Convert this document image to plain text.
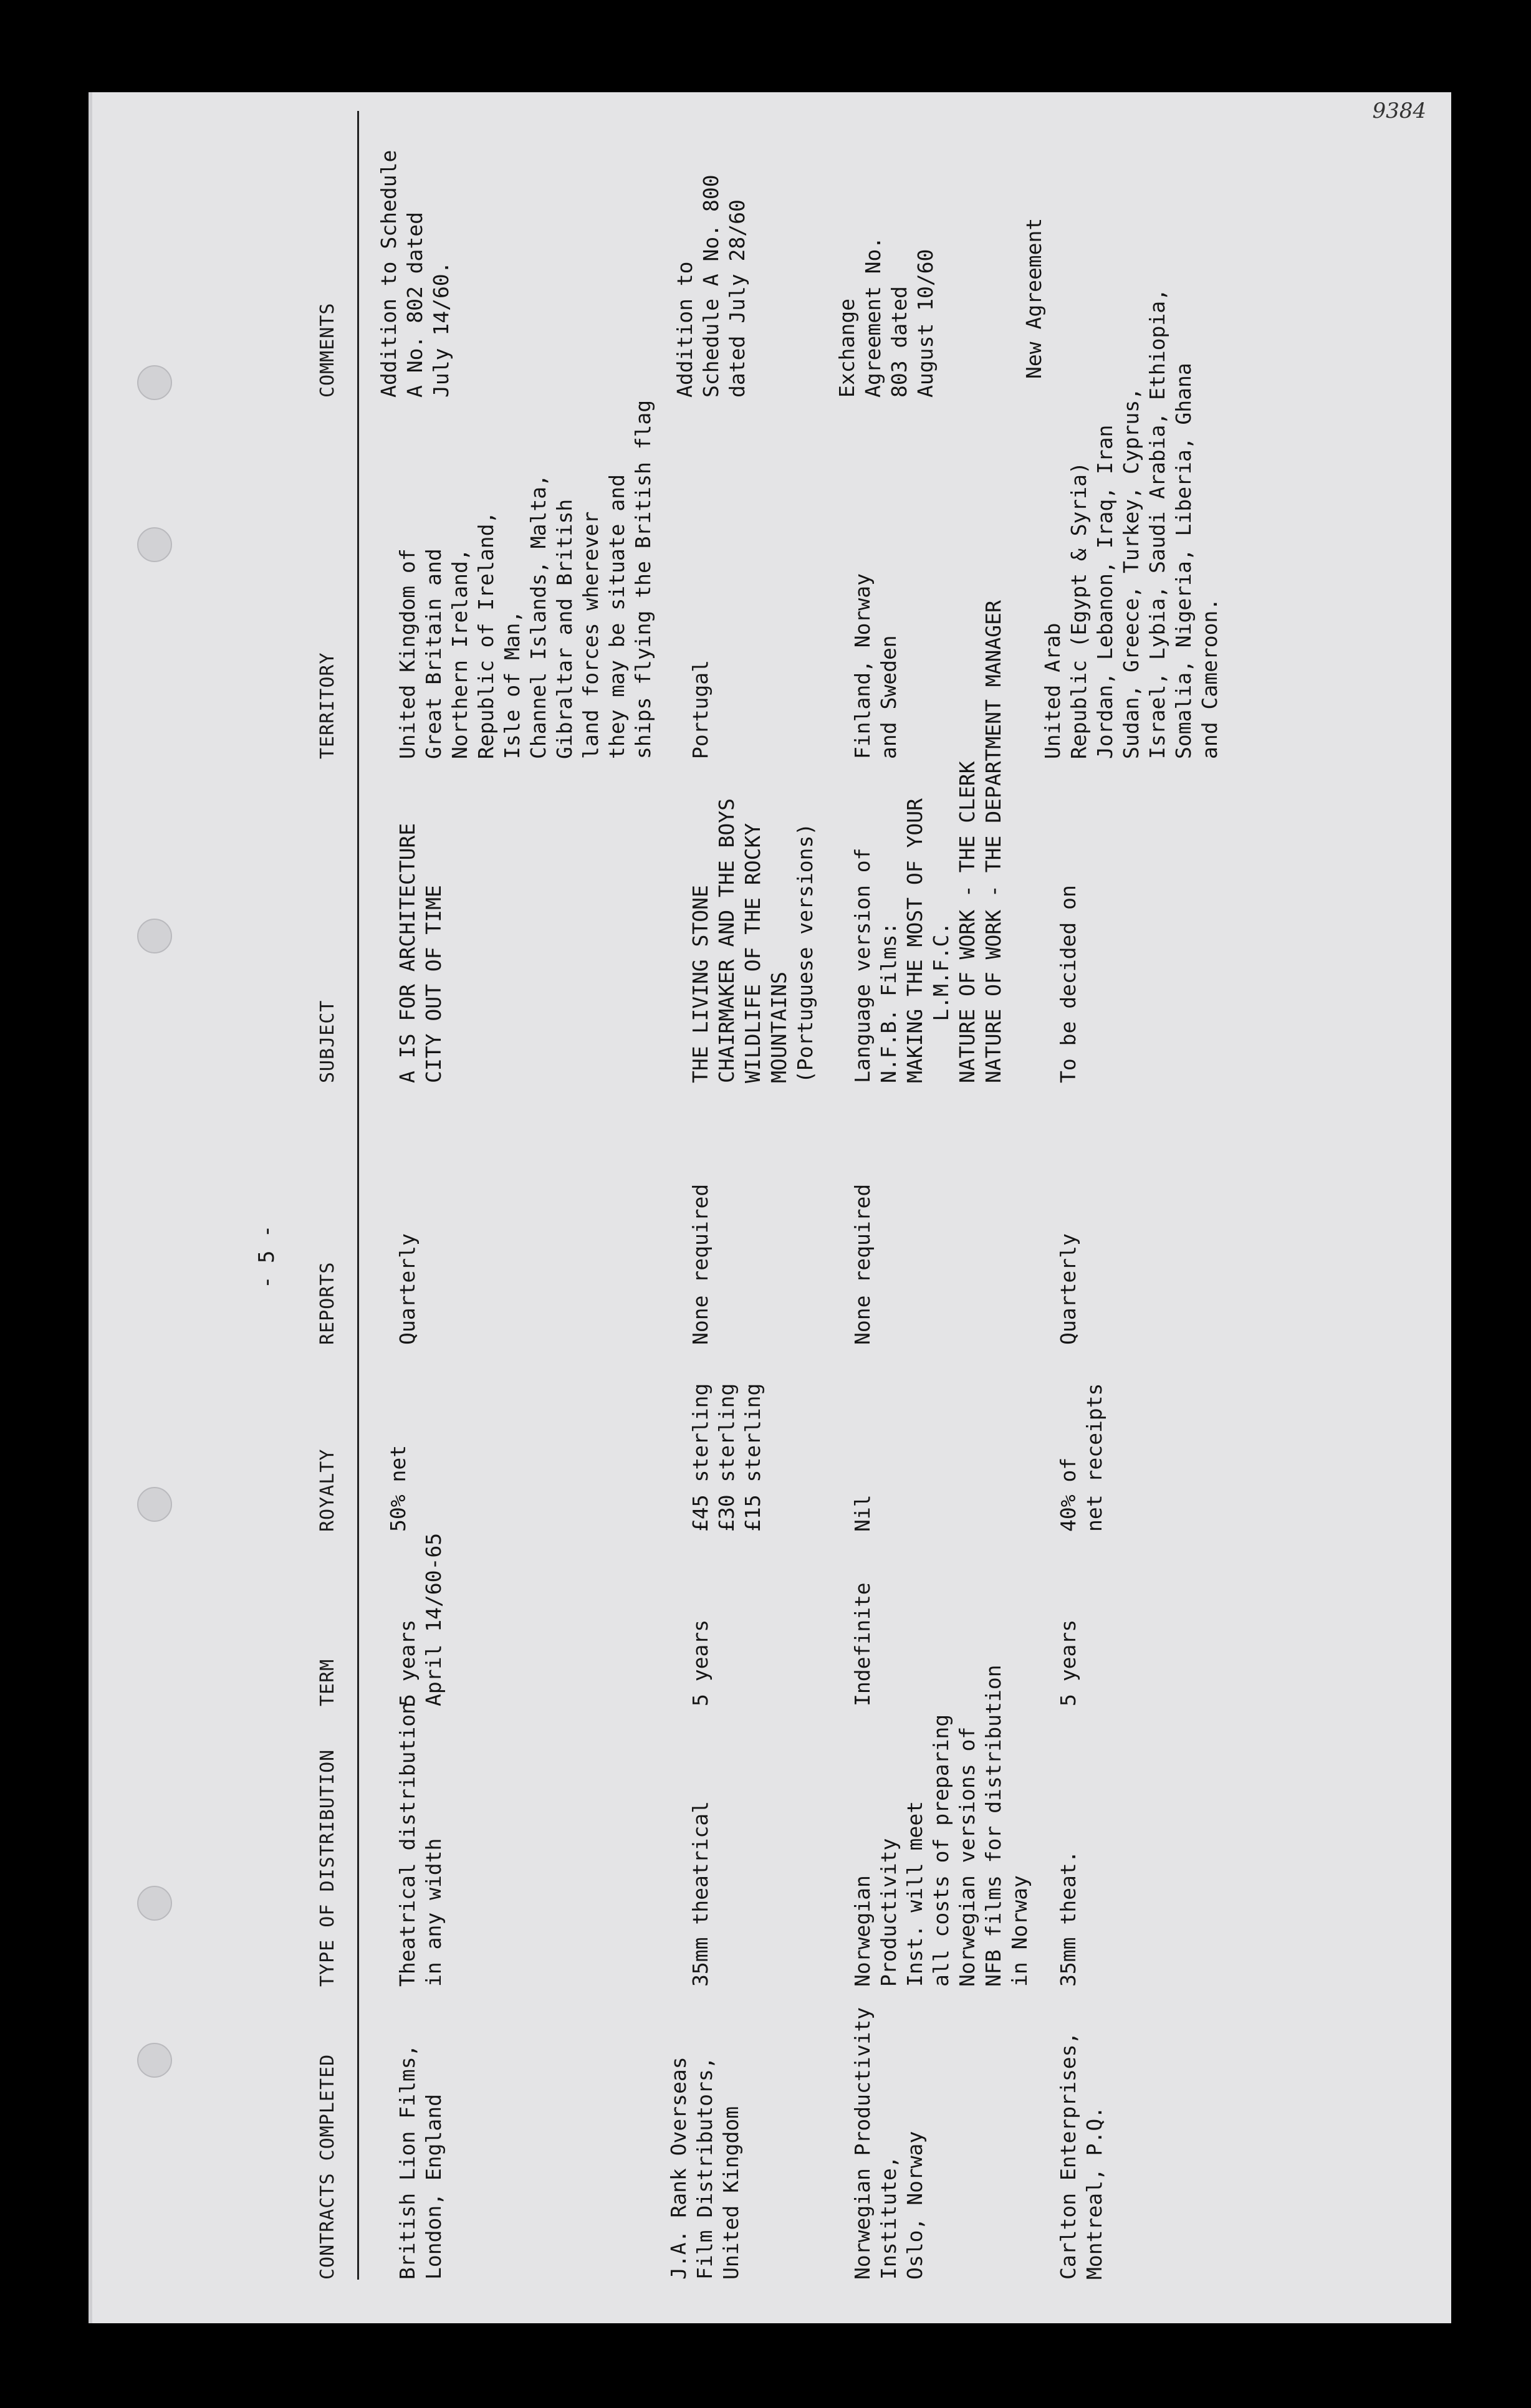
9384
- 5 -
CONTRACTS COMPLETED
TYPE OF DISTRIBUTION
TERM
ROYALTY
REPORTS
SUBJECT
TERRITORY
COMMENTS
British Lion Films,
London, England
Theatrical distribution
in any width
5 years
April 14/60-65
50% net
Quarterly
A IS FOR ARCHITECTURE
CITY OUT OF TIME
United Kingdom of
Great Britain and
Northern Ireland,
Republic of Ireland,
Isle of Man,
Channel Islands, Malta,
Gibraltar and British
land forces wherever
they may be situate and
ships flying the British flag
Addition to Schedule
A No. 802 dated
July 14/60.
J.A. Rank Overseas
Film Distributors,
United Kingdom
35mm theatrical
5 years
£45 sterling
£30 sterling
£15 sterling
None required
THE LIVING STONE
CHAIRMAKER AND THE BOYS
WILDLIFE OF THE ROCKY
MOUNTAINS
(Portuguese versions)
Portugal
Addition to
Schedule A No. 800
dated July 28/60
Norwegian Productivity
Institute,
Oslo, Norway
Norwegian
Productivity
Inst. will meet
all costs of preparing
Norwegian versions of
NFB films for distribution
in Norway
Indefinite
Nil
None required
Language version of
N.F.B. Films:
MAKING THE MOST OF YOUR
L.M.F.C.
NATURE OF WORK - THE CLERK
NATURE OF WORK - THE DEPARTMENT MANAGER
Finland, Norway
and Sweden
Exchange
Agreement No.
803 dated
August 10/60
Carlton Enterprises,
Montreal, P.Q.
35mm theat.
5 years
40% of
net receipts
Quarterly
To be decided on
United Arab
Republic (Egypt & Syria)
Jordan, Lebanon, Iraq, Iran
Sudan, Greece, Turkey, Cyprus,
Israel, Lybia, Saudi Arabia, Ethiopia,
Somalia, Nigeria, Liberia, Ghana
and Cameroon.
New Agreement
